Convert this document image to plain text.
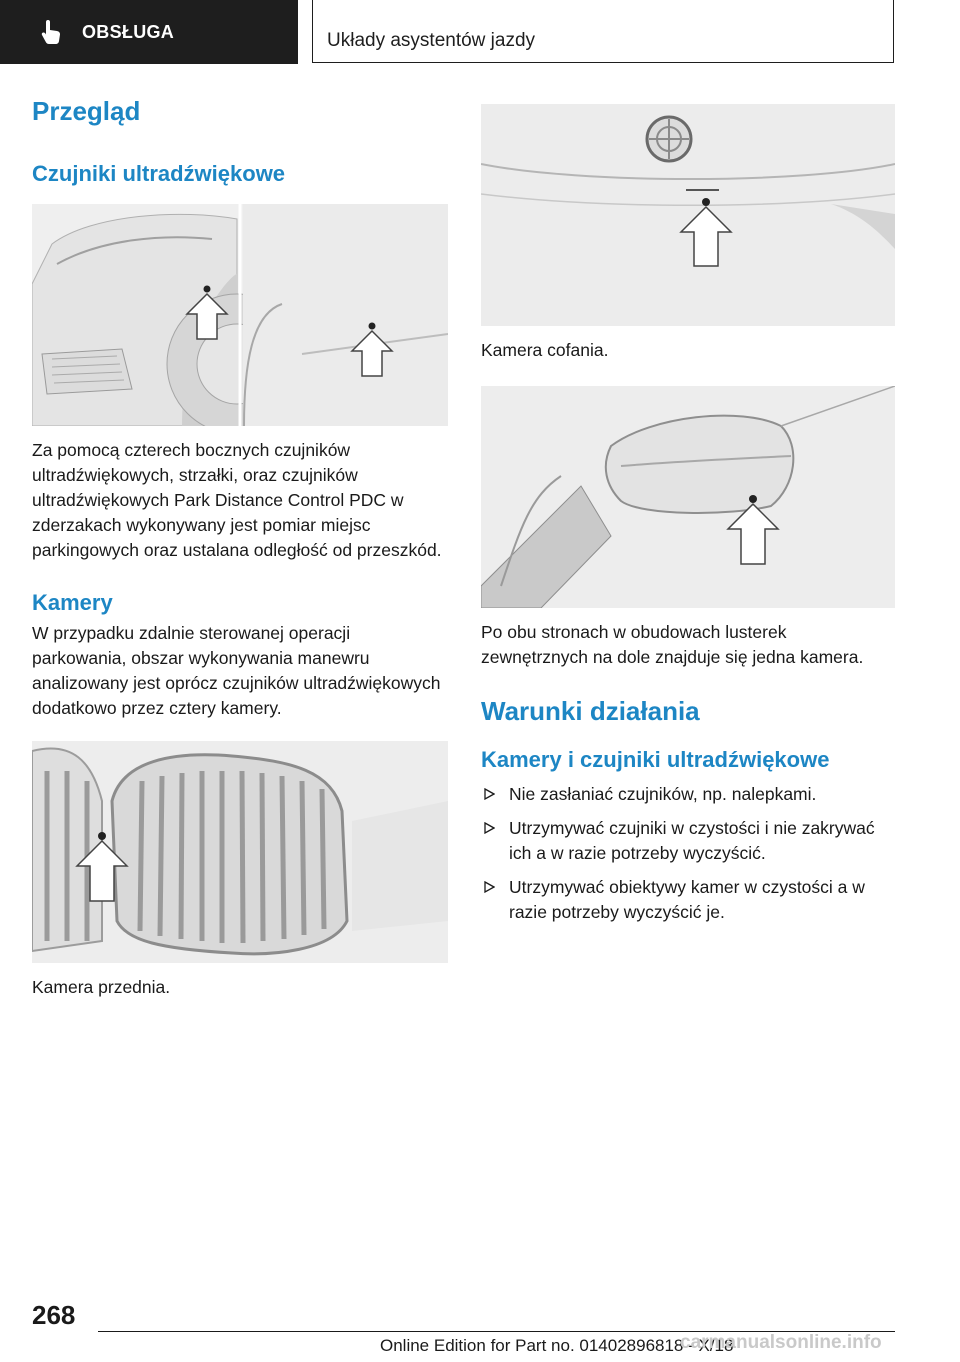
OBSŁUGA	Układy asystentów jazdy
Przegląd
Czujniki ultradźwiękowe

Za pomocą czterech bocznych czujników ultradźwiękowych, strzałki, oraz czujników ultradźwiękowych Park Distance Control PDC w zderzakach wykonywany jest pomiar miejsc parkingowych oraz ustalana odległość od przeszkód.

Kamery

W przypadku zdalnie sterowanej operacji parkowania, obszar wykonywania manewru analizowany jest oprócz czujników ultradźwiękowych dodatkowo przez cztery kamery.

Kamera przednia.

Kamera cofania.

Po obu stronach w obudowach lusterek zewnętrznych na dole znajduje się jedna kamera.

Warunki działania
Kamery i czujniki ultradźwiękowe
Nie zasłaniać czujników, np. nalepkami.
Utrzymywać czujniki w czystości i nie zakrywać ich a w razie potrzeby wyczyścić.
Utrzymywać obiektywy kamer w czystości a w razie potrzeby wyczyścić je.
268
Online Edition for Part no. 01402896818 - X/18
carmanualsonline.info
